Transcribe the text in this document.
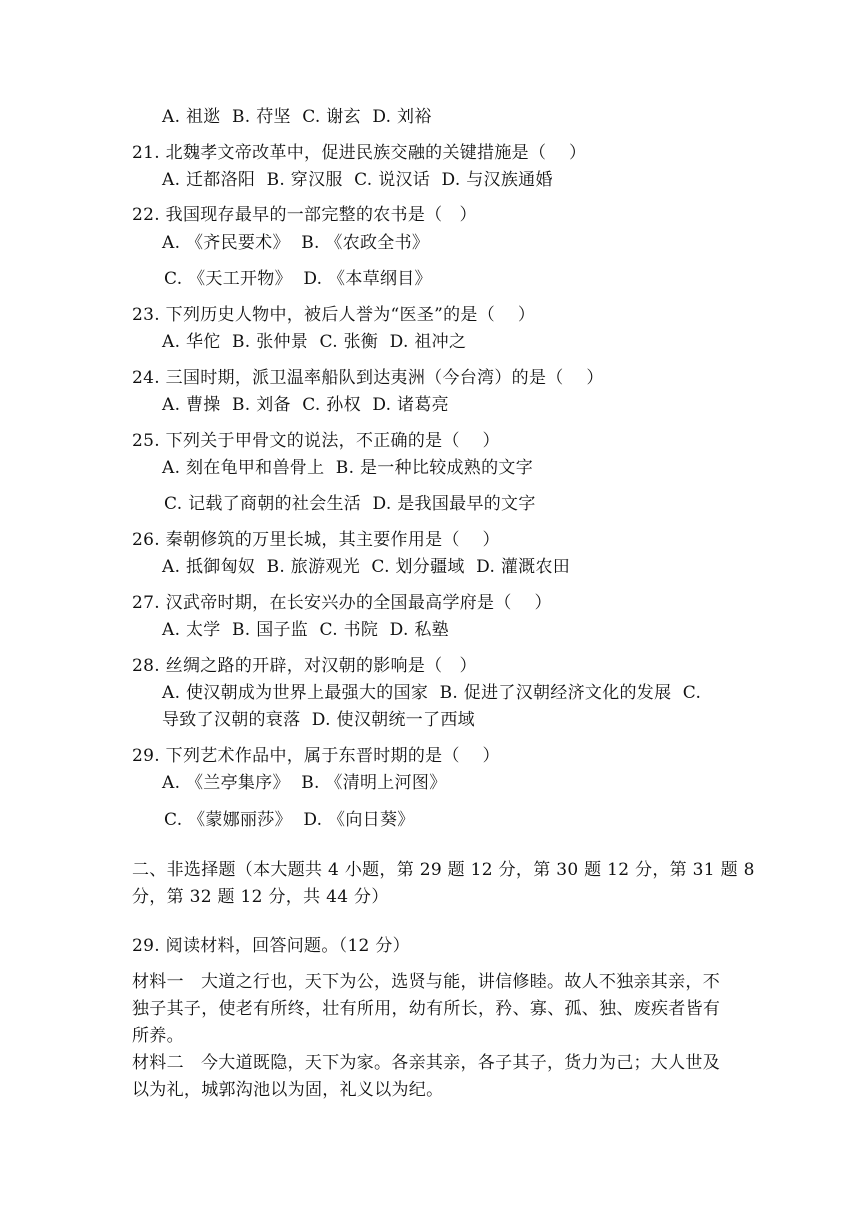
A. 祖逖  B. 苻坚  C. 谢玄  D. 刘裕
21. 北魏孝文帝改革中，促进民族交融的关键措施是（    ）
A. 迁都洛阳  B. 穿汉服  C. 说汉话  D. 与汉族通婚
22. 我国现存最早的一部完整的农书是（   ）
A. 《齐民要术》  B. 《农政全书》
C. 《天工开物》  D. 《本草纲目》
23. 下列历史人物中，被后人誉为“医圣”的是（    ）
A. 华佗  B. 张仲景  C. 张衡  D. 祖冲之
24. 三国时期，派卫温率船队到达夷洲（今台湾）的是（    ）
A. 曹操  B. 刘备  C. 孙权  D. 诸葛亮
25. 下列关于甲骨文的说法，不正确的是（    ）
A. 刻在龟甲和兽骨上  B. 是一种比较成熟的文字
C. 记载了商朝的社会生活  D. 是我国最早的文字
26. 秦朝修筑的万里长城，其主要作用是（    ）
A. 抵御匈奴  B. 旅游观光  C. 划分疆域  D. 灌溉农田
27. 汉武帝时期，在长安兴办的全国最高学府是（    ）
A. 太学  B. 国子监  C. 书院  D. 私塾
28. 丝绸之路的开辟，对汉朝的影响是（   ）
A. 使汉朝成为世界上最强大的国家  B. 促进了汉朝经济文化的发展  C.
导致了汉朝的衰落  D. 使汉朝统一了西域
29. 下列艺术作品中，属于东晋时期的是（    ）
A. 《兰亭集序》  B. 《清明上河图》
C. 《蒙娜丽莎》  D. 《向日葵》
二、非选择题（本大题共 4 小题，第 29 题 12 分，第 30 题 12 分，第 31 题 8
分，第 32 题 12 分，共 44 分）
29. 阅读材料，回答问题。（12 分）
材料一   大道之行也，天下为公，选贤与能，讲信修睦。故人不独亲其亲，不
独子其子，使老有所终，壮有所用，幼有所长，矜、寡、孤、独、废疾者皆有
所养。
材料二   今大道既隐，天下为家。各亲其亲，各子其子，货力为己；大人世及
以为礼，城郭沟池以为固，礼义以为纪。
